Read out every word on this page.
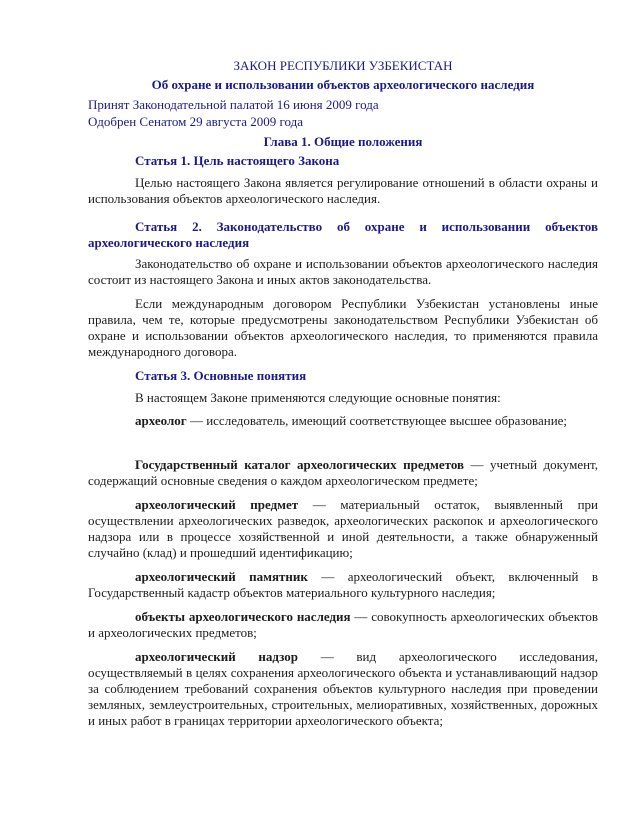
ЗАКОН РЕСПУБЛИКИ УЗБЕКИСТАН
Об охране и использовании объектов археологического наследия
Принят Законодательной палатой 16 июня 2009 года
Одобрен Сенатом 29 августа 2009 года
Глава 1. Общие положения
Статья 1. Цель настоящего Закона
Целью настоящего Закона является регулирование отношений в области охраны и использования объектов археологического наследия.
Статья 2. Законодательство об охране и использовании объектов археологического наследия
Законодательство об охране и использовании объектов археологического наследия состоит из настоящего Закона и иных актов законодательства.
Если международным договором Республики Узбекистан установлены иные правила, чем те, которые предусмотрены законодательством Республики Узбекистан об охране и использовании объектов археологического наследия, то применяются правила международного договора.
Статья 3. Основные понятия
В настоящем Законе применяются следующие основные понятия:
археолог — исследователь, имеющий соответствующее высшее образование;
Государственный каталог археологических предметов — учетный документ, содержащий основные сведения о каждом археологическом предмете;
археологический предмет — материальный остаток, выявленный при осуществлении археологических разведок, археологических раскопок и археологического надзора или в процессе хозяйственной и иной деятельности, а также обнаруженный случайно (клад) и прошедший идентификацию;
археологический памятник — археологический объект, включенный в Государственный кадастр объектов материального культурного наследия;
объекты археологического наследия — совокупность археологических объектов и археологических предметов;
археологический надзор — вид археологического исследования, осуществляемый в целях сохранения археологического объекта и устанавливающий надзор за соблюдением требований сохранения объектов культурного наследия при проведении земляных, землеустроительных, строительных, мелиоративных, хозяйственных, дорожных и иных работ в границах территории археологического объекта;
